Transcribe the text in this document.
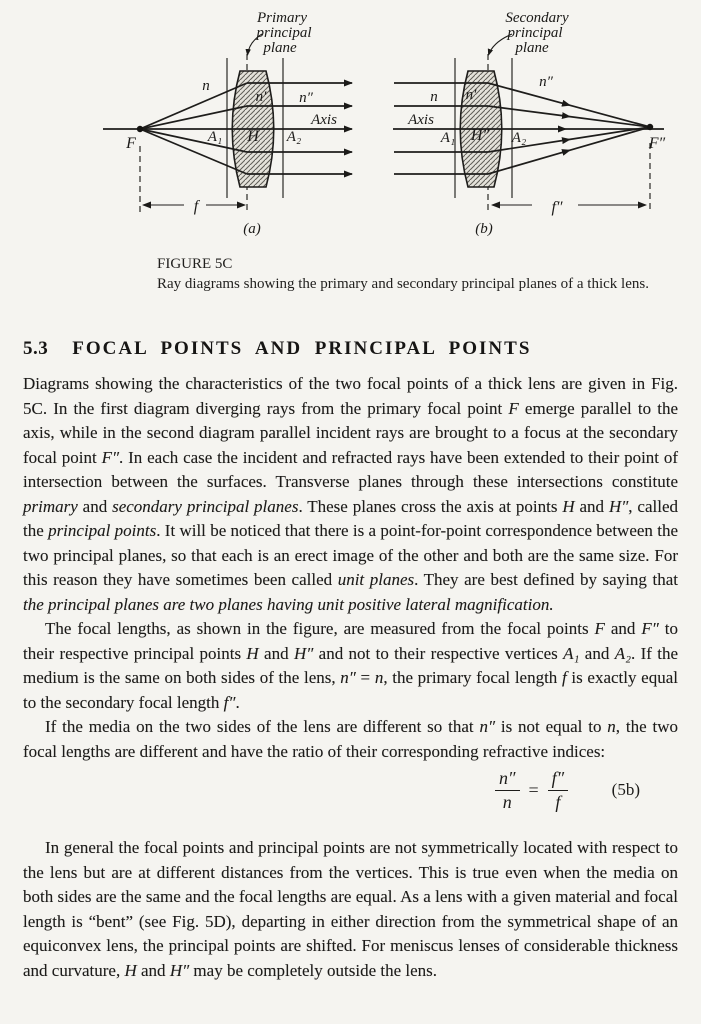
Primary
principal
plane
n
n′ n″
Axis
F	A₁ H A₂
f
(a)
Secondary
principal
plane
n″
n n′
Axis
A₁ H″ A₂	F″
f″
(b)
FIGURE 5C
Ray diagrams showing the primary and secondary principal planes of a thick lens.
5.3 FOCAL POINTS AND PRINCIPAL POINTS

Diagrams showing the characteristics of the two focal points of a thick lens are given in Fig. 5C. In the first diagram diverging rays from the primary focal point F emerge parallel to the axis, while in the second diagram parallel incident rays are brought to a focus at the secondary focal point F″. In each case the incident and refracted rays have been extended to their point of intersection between the surfaces. Transverse planes through these intersections constitute primary and secondary principal planes. These planes cross the axis at points H and H″, called the principal points. It will be noticed that there is a point-for-point correspondence between the two principal planes, so that each is an erect image of the other and both are the same size. For this reason they have sometimes been called unit planes. They are best defined by saying that the principal planes are two planes having unit positive lateral magnification.

The focal lengths, as shown in the figure, are measured from the focal points F and F″ to their respective principal points H and H″ and not to their respective vertices A₁ and A₂. If the medium is the same on both sides of the lens, n″ = n, the primary focal length f is exactly equal to the secondary focal length f″.

If the media on the two sides of the lens are different so that n″ is not equal to n, the two focal lengths are different and have the ratio of their corresponding refractive indices:

$\frac{n''}{n} = \frac{f''}{f}$	(5b)

In general the focal points and principal points are not symmetrically located with respect to the lens but are at different distances from the vertices. This is true even when the media on both sides are the same and the focal lengths are equal. As a lens with a given material and focal length is “bent” (see Fig. 5D), departing in either direction from the symmetrical shape of an equiconvex lens, the principal points are shifted. For meniscus lenses of considerable thickness and curvature, H and H″ may be completely outside the lens.
